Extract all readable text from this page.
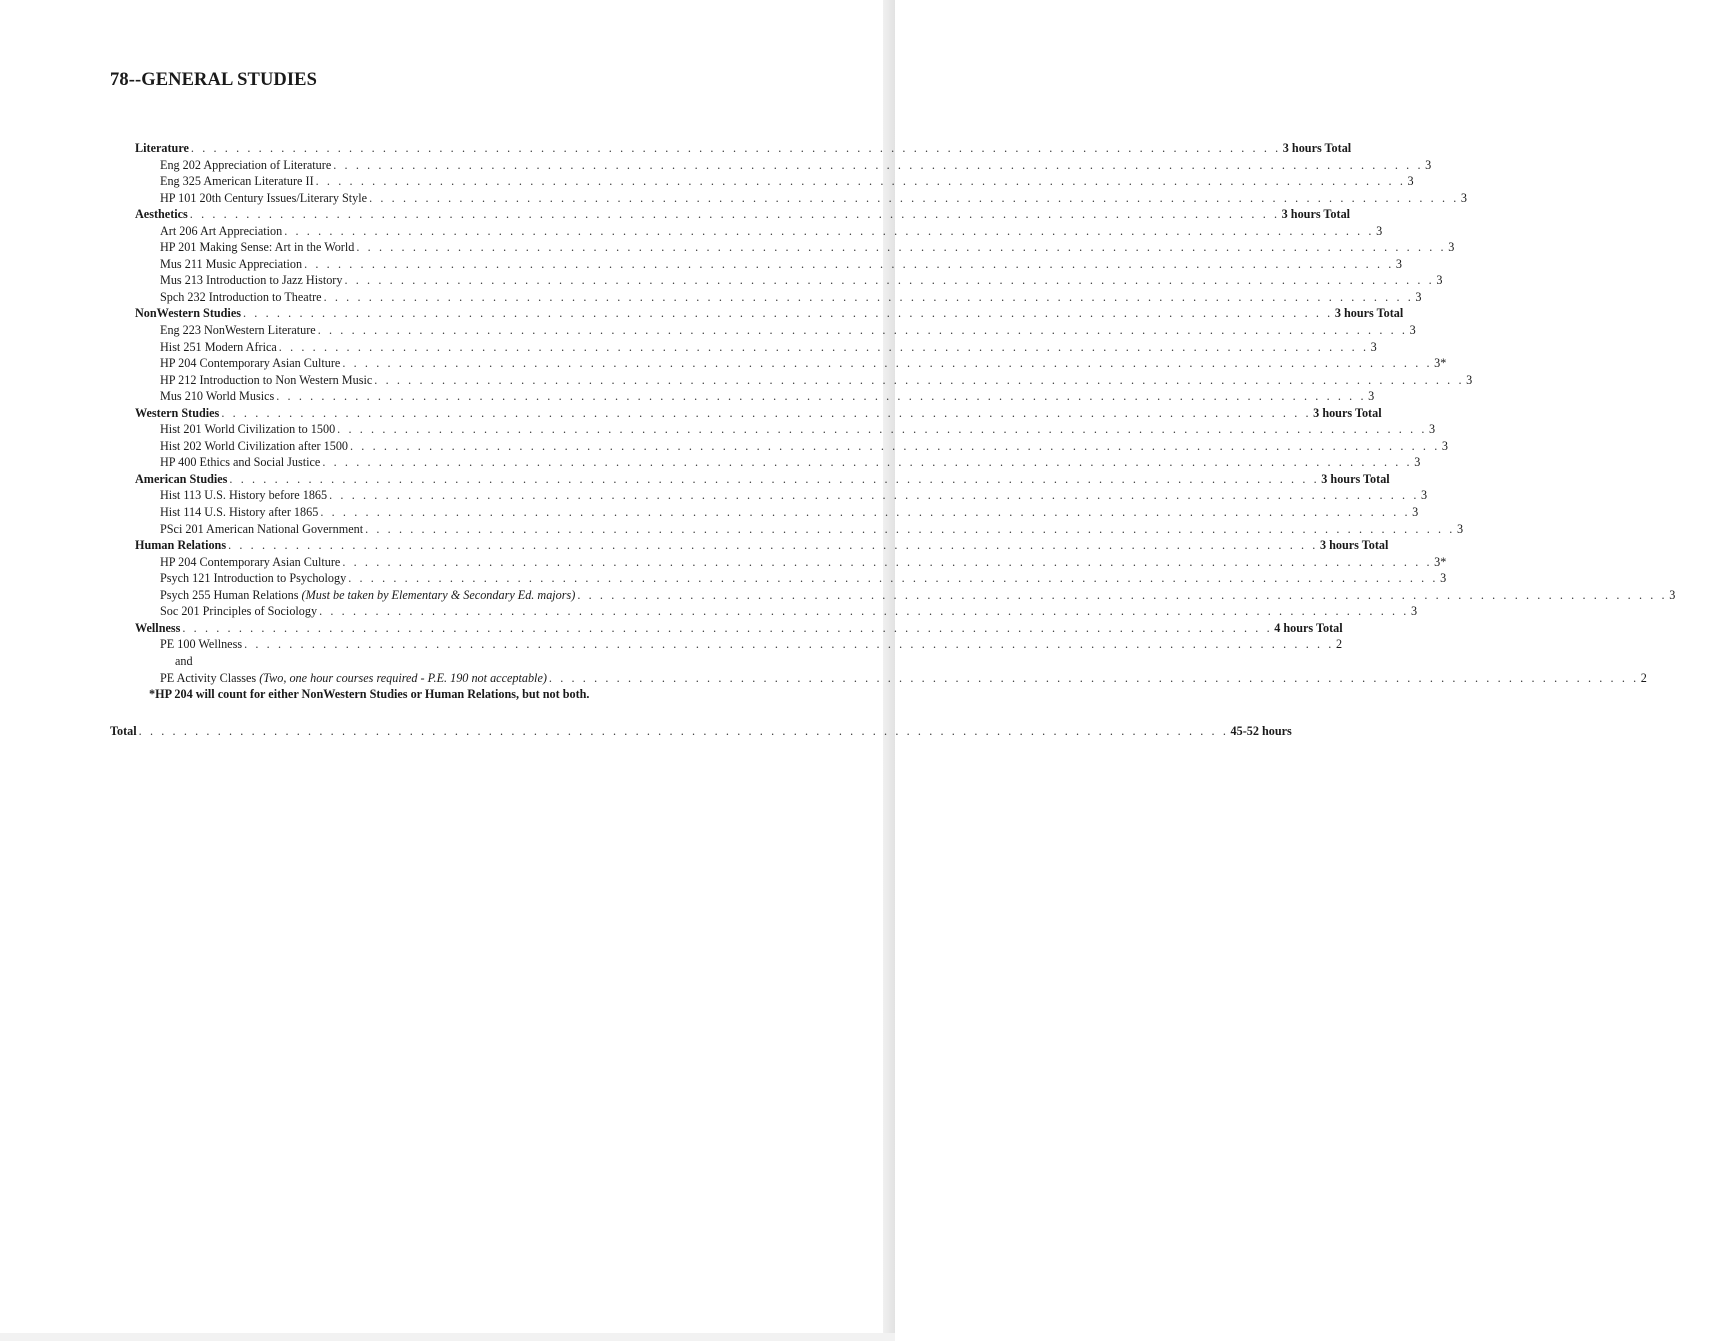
78--GENERAL STUDIES
Literature . . . . . . . . . . . . . . . . . . . . . . . . . . . . . . . . . . . . . . . . . . . . . . . . . . . . . . . . . . . . . . . . . . . . . . . . . . . . . . . . . . . . . . . . . . . . . . . . . 3 hours Total
Eng 202 Appreciation of Literature . . . . . . . . . . . . . . . . . . . . . . . . . . . . . . . . . . . . . . . . . . . . . . . . . . . . . . . . . . . . . . . . . . . . . . . . . . . . . . . . . . . . . . . . . . . . . . . . . 3
Eng 325 American Literature II . . . . . . . . . . . . . . . . . . . . . . . . . . . . . . . . . . . . . . . . . . . . . . . . . . . . . . . . . . . . . . . . . . . . . . . . . . . . . . . . . . . . . . . . . . . . . . . . . 3
HP 101 20th Century Issues/Literary Style . . . . . . . . . . . . . . . . . . . . . . . . . . . . . . . . . . . . . . . . . . . . . . . . . . . . . . . . . . . . . . . . . . . . . . . . . . . . . . . . . . . . . . . . . . . . . . . . . 3
Aesthetics . . . . . . . . . . . . . . . . . . . . . . . . . . . . . . . . . . . . . . . . . . . . . . . . . . . . . . . . . . . . . . . . . . . . . . . . . . . . . . . . . . . . . . . . . . . . . . . . . 3 hours Total
Art 206 Art Appreciation . . . . . . . . . . . . . . . . . . . . . . . . . . . . . . . . . . . . . . . . . . . . . . . . . . . . . . . . . . . . . . . . . . . . . . . . . . . . . . . . . . . . . . . . . . . . . . . . . 3
HP 201 Making Sense: Art in the World . . . . . . . . . . . . . . . . . . . . . . . . . . . . . . . . . . . . . . . . . . . . . . . . . . . . . . . . . . . . . . . . . . . . . . . . . . . . . . . . . . . . . . . . . . . . . . . . . 3
Mus 211 Music Appreciation . . . . . . . . . . . . . . . . . . . . . . . . . . . . . . . . . . . . . . . . . . . . . . . . . . . . . . . . . . . . . . . . . . . . . . . . . . . . . . . . . . . . . . . . . . . . . . . . . 3
Mus 213 Introduction to Jazz History . . . . . . . . . . . . . . . . . . . . . . . . . . . . . . . . . . . . . . . . . . . . . . . . . . . . . . . . . . . . . . . . . . . . . . . . . . . . . . . . . . . . . . . . . . . . . . . . . 3
Spch 232 Introduction to Theatre . . . . . . . . . . . . . . . . . . . . . . . . . . . . . . . . . . . . . . . . . . . . . . . . . . . . . . . . . . . . . . . . . . . . . . . . . . . . . . . . . . . . . . . . . . . . . . . . . 3
NonWestern Studies . . . . . . . . . . . . . . . . . . . . . . . . . . . . . . . . . . . . . . . . . . . . . . . . . . . . . . . . . . . . . . . . . . . . . . . . . . . . . . . . . . . . . . . . . . . . . . . . . 3 hours Total
Eng 223 NonWestern Literature . . . . . . . . . . . . . . . . . . . . . . . . . . . . . . . . . . . . . . . . . . . . . . . . . . . . . . . . . . . . . . . . . . . . . . . . . . . . . . . . . . . . . . . . . . . . . . . . . 3
Hist 251 Modern Africa . . . . . . . . . . . . . . . . . . . . . . . . . . . . . . . . . . . . . . . . . . . . . . . . . . . . . . . . . . . . . . . . . . . . . . . . . . . . . . . . . . . . . . . . . . . . . . . . . 3
HP 204 Contemporary Asian Culture . . . . . . . . . . . . . . . . . . . . . . . . . . . . . . . . . . . . . . . . . . . . . . . . . . . . . . . . . . . . . . . . . . . . . . . . . . . . . . . . . . . . . . . . . . . . . . . . . 3*
HP 212 Introduction to Non Western Music . . . . . . . . . . . . . . . . . . . . . . . . . . . . . . . . . . . . . . . . . . . . . . . . . . . . . . . . . . . . . . . . . . . . . . . . . . . . . . . . . . . . . . . . . . . . . . . . . 3
Mus 210 World Musics . . . . . . . . . . . . . . . . . . . . . . . . . . . . . . . . . . . . . . . . . . . . . . . . . . . . . . . . . . . . . . . . . . . . . . . . . . . . . . . . . . . . . . . . . . . . . . . . . 3
Western Studies . . . . . . . . . . . . . . . . . . . . . . . . . . . . . . . . . . . . . . . . . . . . . . . . . . . . . . . . . . . . . . . . . . . . . . . . . . . . . . . . . . . . . . . . . . . . . . . . . 3 hours Total
Hist 201 World Civilization to 1500 . . . . . . . . . . . . . . . . . . . . . . . . . . . . . . . . . . . . . . . . . . . . . . . . . . . . . . . . . . . . . . . . . . . . . . . . . . . . . . . . . . . . . . . . . . . . . . . . . 3
Hist 202 World Civilization after 1500 . . . . . . . . . . . . . . . . . . . . . . . . . . . . . . . . . . . . . . . . . . . . . . . . . . . . . . . . . . . . . . . . . . . . . . . . . . . . . . . . . . . . . . . . . . . . . . . . . 3
HP 400 Ethics and Social Justice . . . . . . . . . . . . . . . . . . . . . . . . . . . . . . . . . . . . . . . . . . . . . . . . . . . . . . . . . . . . . . . . . . . . . . . . . . . . . . . . . . . . . . . . . . . . . . . . . 3
American Studies . . . . . . . . . . . . . . . . . . . . . . . . . . . . . . . . . . . . . . . . . . . . . . . . . . . . . . . . . . . . . . . . . . . . . . . . . . . . . . . . . . . . . . . . . . . . . . . . . 3 hours Total
Hist 113 U.S. History before 1865 . . . . . . . . . . . . . . . . . . . . . . . . . . . . . . . . . . . . . . . . . . . . . . . . . . . . . . . . . . . . . . . . . . . . . . . . . . . . . . . . . . . . . . . . . . . . . . . . . 3
Hist 114 U.S. History after 1865 . . . . . . . . . . . . . . . . . . . . . . . . . . . . . . . . . . . . . . . . . . . . . . . . . . . . . . . . . . . . . . . . . . . . . . . . . . . . . . . . . . . . . . . . . . . . . . . . . 3
PSci 201 American National Government . . . . . . . . . . . . . . . . . . . . . . . . . . . . . . . . . . . . . . . . . . . . . . . . . . . . . . . . . . . . . . . . . . . . . . . . . . . . . . . . . . . . . . . . . . . . . . . . . 3
Human Relations . . . . . . . . . . . . . . . . . . . . . . . . . . . . . . . . . . . . . . . . . . . . . . . . . . . . . . . . . . . . . . . . . . . . . . . . . . . . . . . . . . . . . . . . . . . . . . . . . 3 hours Total
HP 204 Contemporary Asian Culture . . . . . . . . . . . . . . . . . . . . . . . . . . . . . . . . . . . . . . . . . . . . . . . . . . . . . . . . . . . . . . . . . . . . . . . . . . . . . . . . . . . . . . . . . . . . . . . . . 3*
Psych 121 Introduction to Psychology . . . . . . . . . . . . . . . . . . . . . . . . . . . . . . . . . . . . . . . . . . . . . . . . . . . . . . . . . . . . . . . . . . . . . . . . . . . . . . . . . . . . . . . . . . . . . . . . . 3
Psych 255 Human Relations (Must be taken by Elementary & Secondary Ed. majors) . . . . . . . . . . . . . . . . . . . . . . . . . . . . . . . . . . . . . . . . . . . . . . . . . . . . . . . . . . . . . . . . . . . . . . . . . . . . . . . . . . . . . . . . . . . . . . . . . 3
Soc 201 Principles of Sociology . . . . . . . . . . . . . . . . . . . . . . . . . . . . . . . . . . . . . . . . . . . . . . . . . . . . . . . . . . . . . . . . . . . . . . . . . . . . . . . . . . . . . . . . . . . . . . . . . 3
Wellness . . . . . . . . . . . . . . . . . . . . . . . . . . . . . . . . . . . . . . . . . . . . . . . . . . . . . . . . . . . . . . . . . . . . . . . . . . . . . . . . . . . . . . . . . . . . . . . . . 4 hours Total
PE 100 Wellness . . . . . . . . . . . . . . . . . . . . . . . . . . . . . . . . . . . . . . . . . . . . . . . . . . . . . . . . . . . . . . . . . . . . . . . . . . . . . . . . . . . . . . . . . . . . . . . . . 2
and
PE Activity Classes (Two, one hour courses required - P.E. 190 not acceptable) . . . . . . . . . . . . . . . . . . . . . . . . . . . . . . . . . . . . . . . . . . . . . . . . . . . . . . . . . . . . . . . . . . . . . . . . . . . . . . . . . . . . . . . . . . . . . . . . . 2
*HP 204 will count for either NonWestern Studies or Human Relations, but not both.
Total . . . . . . . . . . . . . . . . . . . . . . . . . . . . . . . . . . . . . . . . . . . . . . . . . . . . . . . . . . . . . . . . . . . . . . . . . . . . . . . . . . . . . . . . . . . . . . . . . 45-52 hours
